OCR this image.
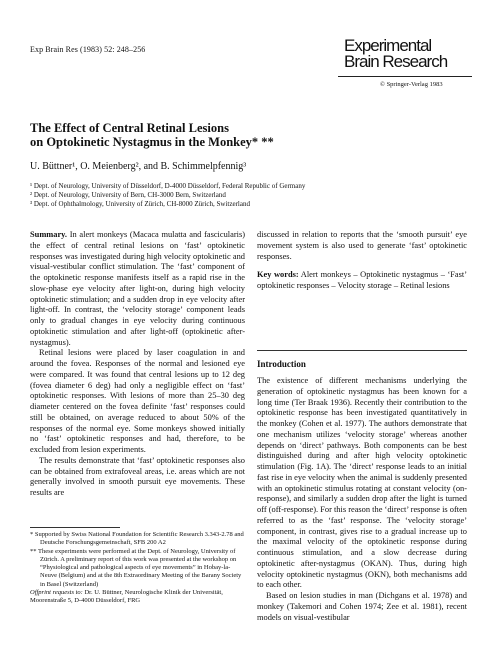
Exp Brain Res (1983) 52: 248–256	Experimental
Brain Research
© Springer-Verlag 1983
The Effect of Central Retinal Lesions
on Optokinetic Nystagmus in the Monkey* **
U. Büttner¹, O. Meienberg², and B. Schimmelpfennig³
¹ Dept. of Neurology, University of Düsseldorf, D-4000 Düsseldorf, Federal Republic of Germany
² Dept. of Neurology, University of Bern, CH-3000 Bern, Switzerland
³ Dept. of Ophthalmology, University of Zürich, CH-8000 Zürich, Switzerland

Summary. In alert monkeys (Macaca mulatta and fascicularis) the effect of central retinal lesions on ‘fast’ optokinetic responses was investigated during high velocity optokinetic and visual-vestibular conflict stimulation. The ‘fast’ component of the optokinetic response manifests itself as a rapid rise in the slow-phase eye velocity after light-on, during high velocity optokinetic stimulation; and a sudden drop in eye velocity after light-off. In contrast, the ‘velocity storage’ component leads only to gradual changes in eye velocity during continuous optokinetic stimulation and after light-off (optokinetic after-nystagmus).

Retinal lesions were placed by laser coagulation in and around the fovea. Responses of the normal and lesioned eye were compared. It was found that central lesions up to 12 deg (fovea diameter 6 deg) had only a negligible effect on ‘fast’ optokinetic responses. With lesions of more than 25–30 deg diameter centered on the fovea definite ‘fast’ responses could still be obtained, on average reduced to about 50% of the responses of the normal eye. Some monkeys showed initially no ‘fast’ optokinetic responses and had, therefore, to be excluded from lesion experiments.

The results demonstrate that ‘fast’ optokinetic responses also can be obtained from extrafoveal areas, i.e. areas which are not generally involved in smooth pursuit eye movements. These results are

* Supported by Swiss National Foundation for Scientific Research 3.343-2.78 and Deutsche Forschungsgemeinschaft, SFB 200 A2

** These experiments were performed at the Dept. of Neurology, University of Zürich. A preliminary report of this work was presented at the workshop on “Physiological and pathological aspects of eye movements” in Hobay-la-Neuve (Belgium) and at the 8th Extraordinary Meeting of the Barany Society in Basel (Switzerland)

Offprint requests to: Dr. U. Büttner, Neurologische Klinik der Universität, Moorenstraße 5, D-4000 Düsseldorf, FRG

discussed in relation to reports that the ‘smooth pursuit’ eye movement system is also used to generate ‘fast’ optokinetic responses.

Key words: Alert monkeys – Optokinetic nystagmus – ‘Fast’ optokinetic responses – Velocity storage – Retinal lesions

Introduction

The existence of different mechanisms underlying the generation of optokinetic nystagmus has been known for a long time (Ter Braak 1936). Recently their contribution to the optokinetic response has been investigated quantitatively in the monkey (Cohen et al. 1977). The authors demonstrate that one mechanism utilizes ‘velocity storage’ whereas another depends on ‘direct’ pathways. Both components can be best distinguished during and after high velocity optokinetic stimulation (Fig. 1A). The ‘direct’ response leads to an initial fast rise in eye velocity when the animal is suddenly presented with an optokinetic stimulus rotating at constant velocity (on-response), and similarly a sudden drop after the light is turned off (off-response). For this reason the ‘direct’ response is often referred to as the ‘fast’ response. The ‘velocity storage’ component, in contrast, gives rise to a gradual increase up to the maximal velocity of the optokinetic response during continuous stimulation, and a slow decrease during optokinetic after-nystagmus (OKAN). Thus, during high velocity optokinetic nystagmus (OKN), both mechanisms add to each other.

Based on lesion studies in man (Dichgans et al. 1978) and monkey (Takemori and Cohen 1974; Zee et al. 1981), recent models on visual-vestibular
